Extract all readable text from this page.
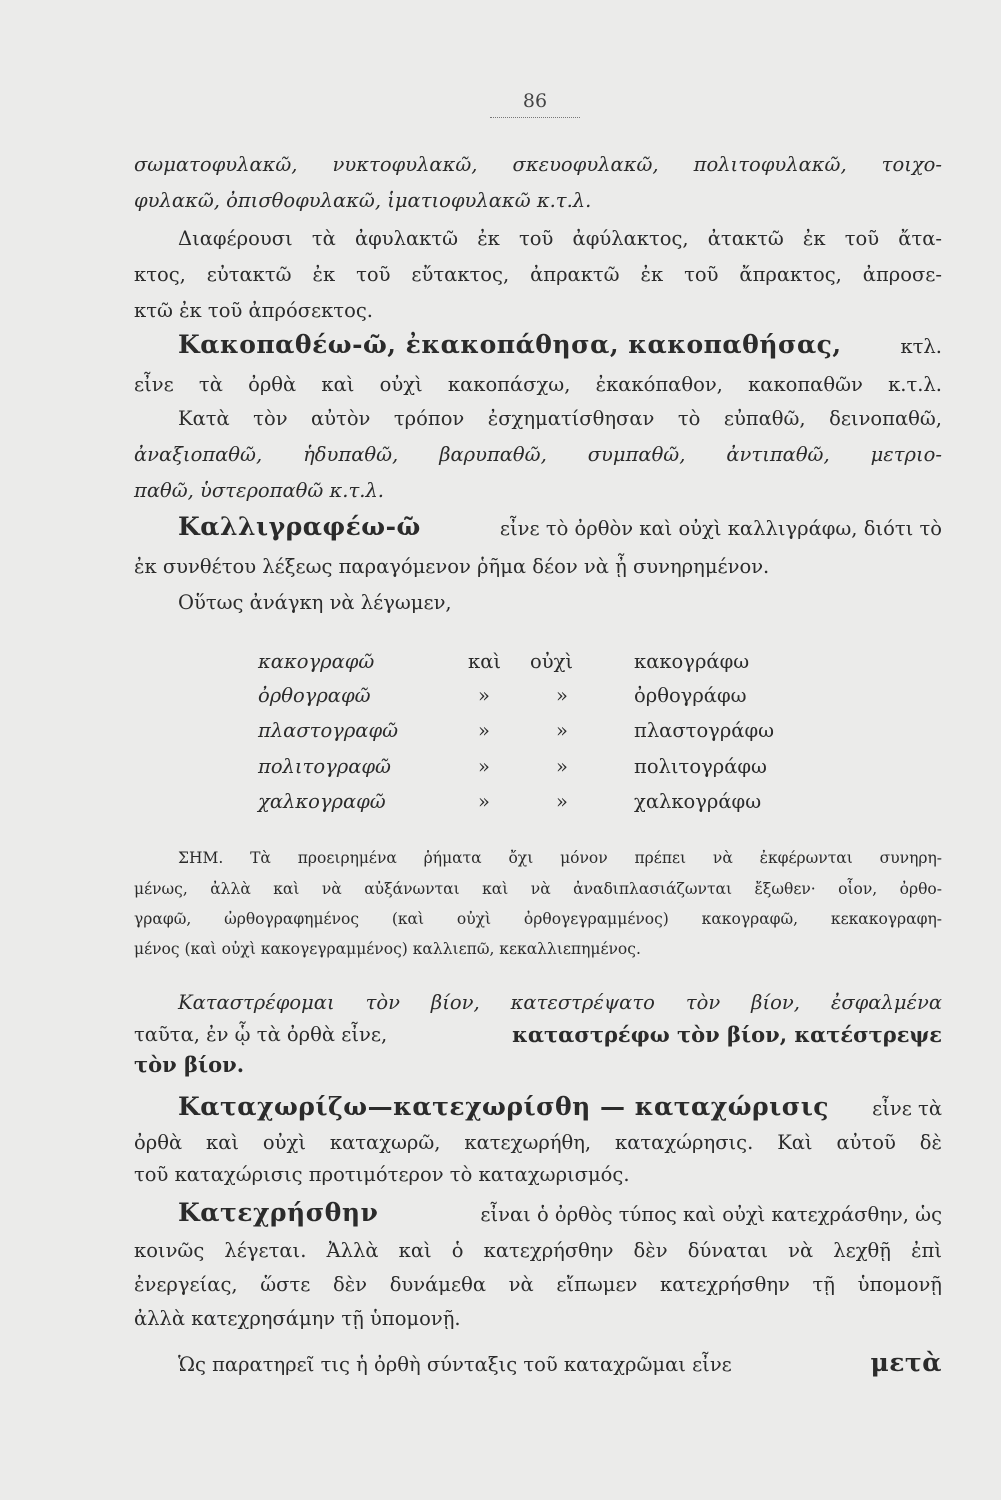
86
σωματοφυλακῶ, νυκτοφυλακῶ, σκευοφυλακῶ, πολιτοφυλακῶ, τοιχο-
φυλακῶ, ὀπισθοφυλακῶ, ἱματιοφυλακῶ κ.τ.λ.
Διαφέρουσι τὰ ἀφυλακτῶ ἐκ τοῦ ἀφύλακτος, ἀτακτῶ ἐκ τοῦ ἄτα-
κτος, εὐτακτῶ ἐκ τοῦ εὔτακτος, ἀπρακτῶ ἐκ τοῦ ἄπρακτος, ἀπροσε-
κτῶ ἐκ τοῦ ἀπρόσεκτος.
Κακοπαθέω-ῶ, ἐκακοπάθησα, κακοπαθήσας,	κτλ.
εἶνε τὰ ὀρθὰ καὶ οὐχὶ κακοπάσχω, ἐκακόπαθον, κακοπαθῶν κ.τ.λ.
Κατὰ τὸν αὐτὸν τρόπον ἐσχηματίσθησαν τὸ εὐπαθῶ, δεινοπαθῶ,
ἀναξιοπαθῶ, ἡδυπαθῶ, βαρυπαθῶ, συμπαθῶ, ἀντιπαθῶ, μετριο-
παθῶ, ὑστεροπαθῶ κ.τ.λ.
Καλλιγραφέω-ῶ	εἶνε τὸ ὀρθὸν καὶ οὐχὶ καλλιγράφω, διότι τὸ
ἐκ συνθέτου λέξεως παραγόμενον ῥῆμα δέον νὰ ᾖ συνηρημένον.
Οὕτως ἀνάγκη νὰ λέγωμεν,
κακογραφῶ	καὶ οὐχὶ	κακογράφω
ὀρθογραφῶ	»	»	ὀρθογράφω
πλαστογραφῶ	»	»	πλαστογράφω
πολιτογραφῶ	»	»	πολιτογράφω
χαλκογραφῶ	»	»	χαλκογράφω
ΣΗΜ. Τὰ προειρημένα ῥήματα ὄχι μόνον πρέπει νὰ ἐκφέρωνται συνηρη-
μένως, ἀλλὰ καὶ νὰ αὐξάνωνται καὶ νὰ ἀναδιπλασιάζωνται ἔξωθεν· οἷον, ὀρθο-
γραφῶ, ὠρθογραφημένος (καὶ οὐχὶ ὀρθογεγραμμένος) κακογραφῶ, κεκακογραφη-
μένος (καὶ οὐχὶ κακογεγραμμένος) καλλιεπῶ, κεκαλλιεπημένος.
Καταστρέφομαι τὸν βίον, κατεστρέψατο τὸν βίον, ἐσφαλμένα
ταῦτα, ἐν ᾧ τὰ ὀρθὰ εἶνε,	καταστρέφω τὸν βίον, κατέστρεψε
τὸν βίον.
Καταχωρίζω—κατεχωρίσθη — καταχώρισις εἶνε τὰ
ὀρθὰ καὶ οὐχὶ καταχωρῶ, κατεχωρήθη, καταχώρησις. Καὶ αὐτοῦ δὲ
τοῦ καταχώρισις προτιμότερον τὸ καταχωρισμός.
Κατεχρήσθην	εἶναι ὁ ὀρθὸς τύπος καὶ οὐχὶ κατεχράσθην, ὡς
κοινῶς λέγεται. Ἀλλὰ καὶ ὁ κατεχρήσθην δὲν δύναται νὰ λεχθῇ ἐπὶ
ἐνεργείας, ὥστε δὲν δυνάμεθα νὰ εἴπωμεν κατεχρήσθην τῇ ὑπομονῇ
ἀλλὰ κατεχρησάμην τῇ ὑπομονῇ.
Ὡς παρατηρεῖ τις ἡ ὀρθὴ σύνταξις τοῦ καταχρῶμαι εἶνε	μετὰ
